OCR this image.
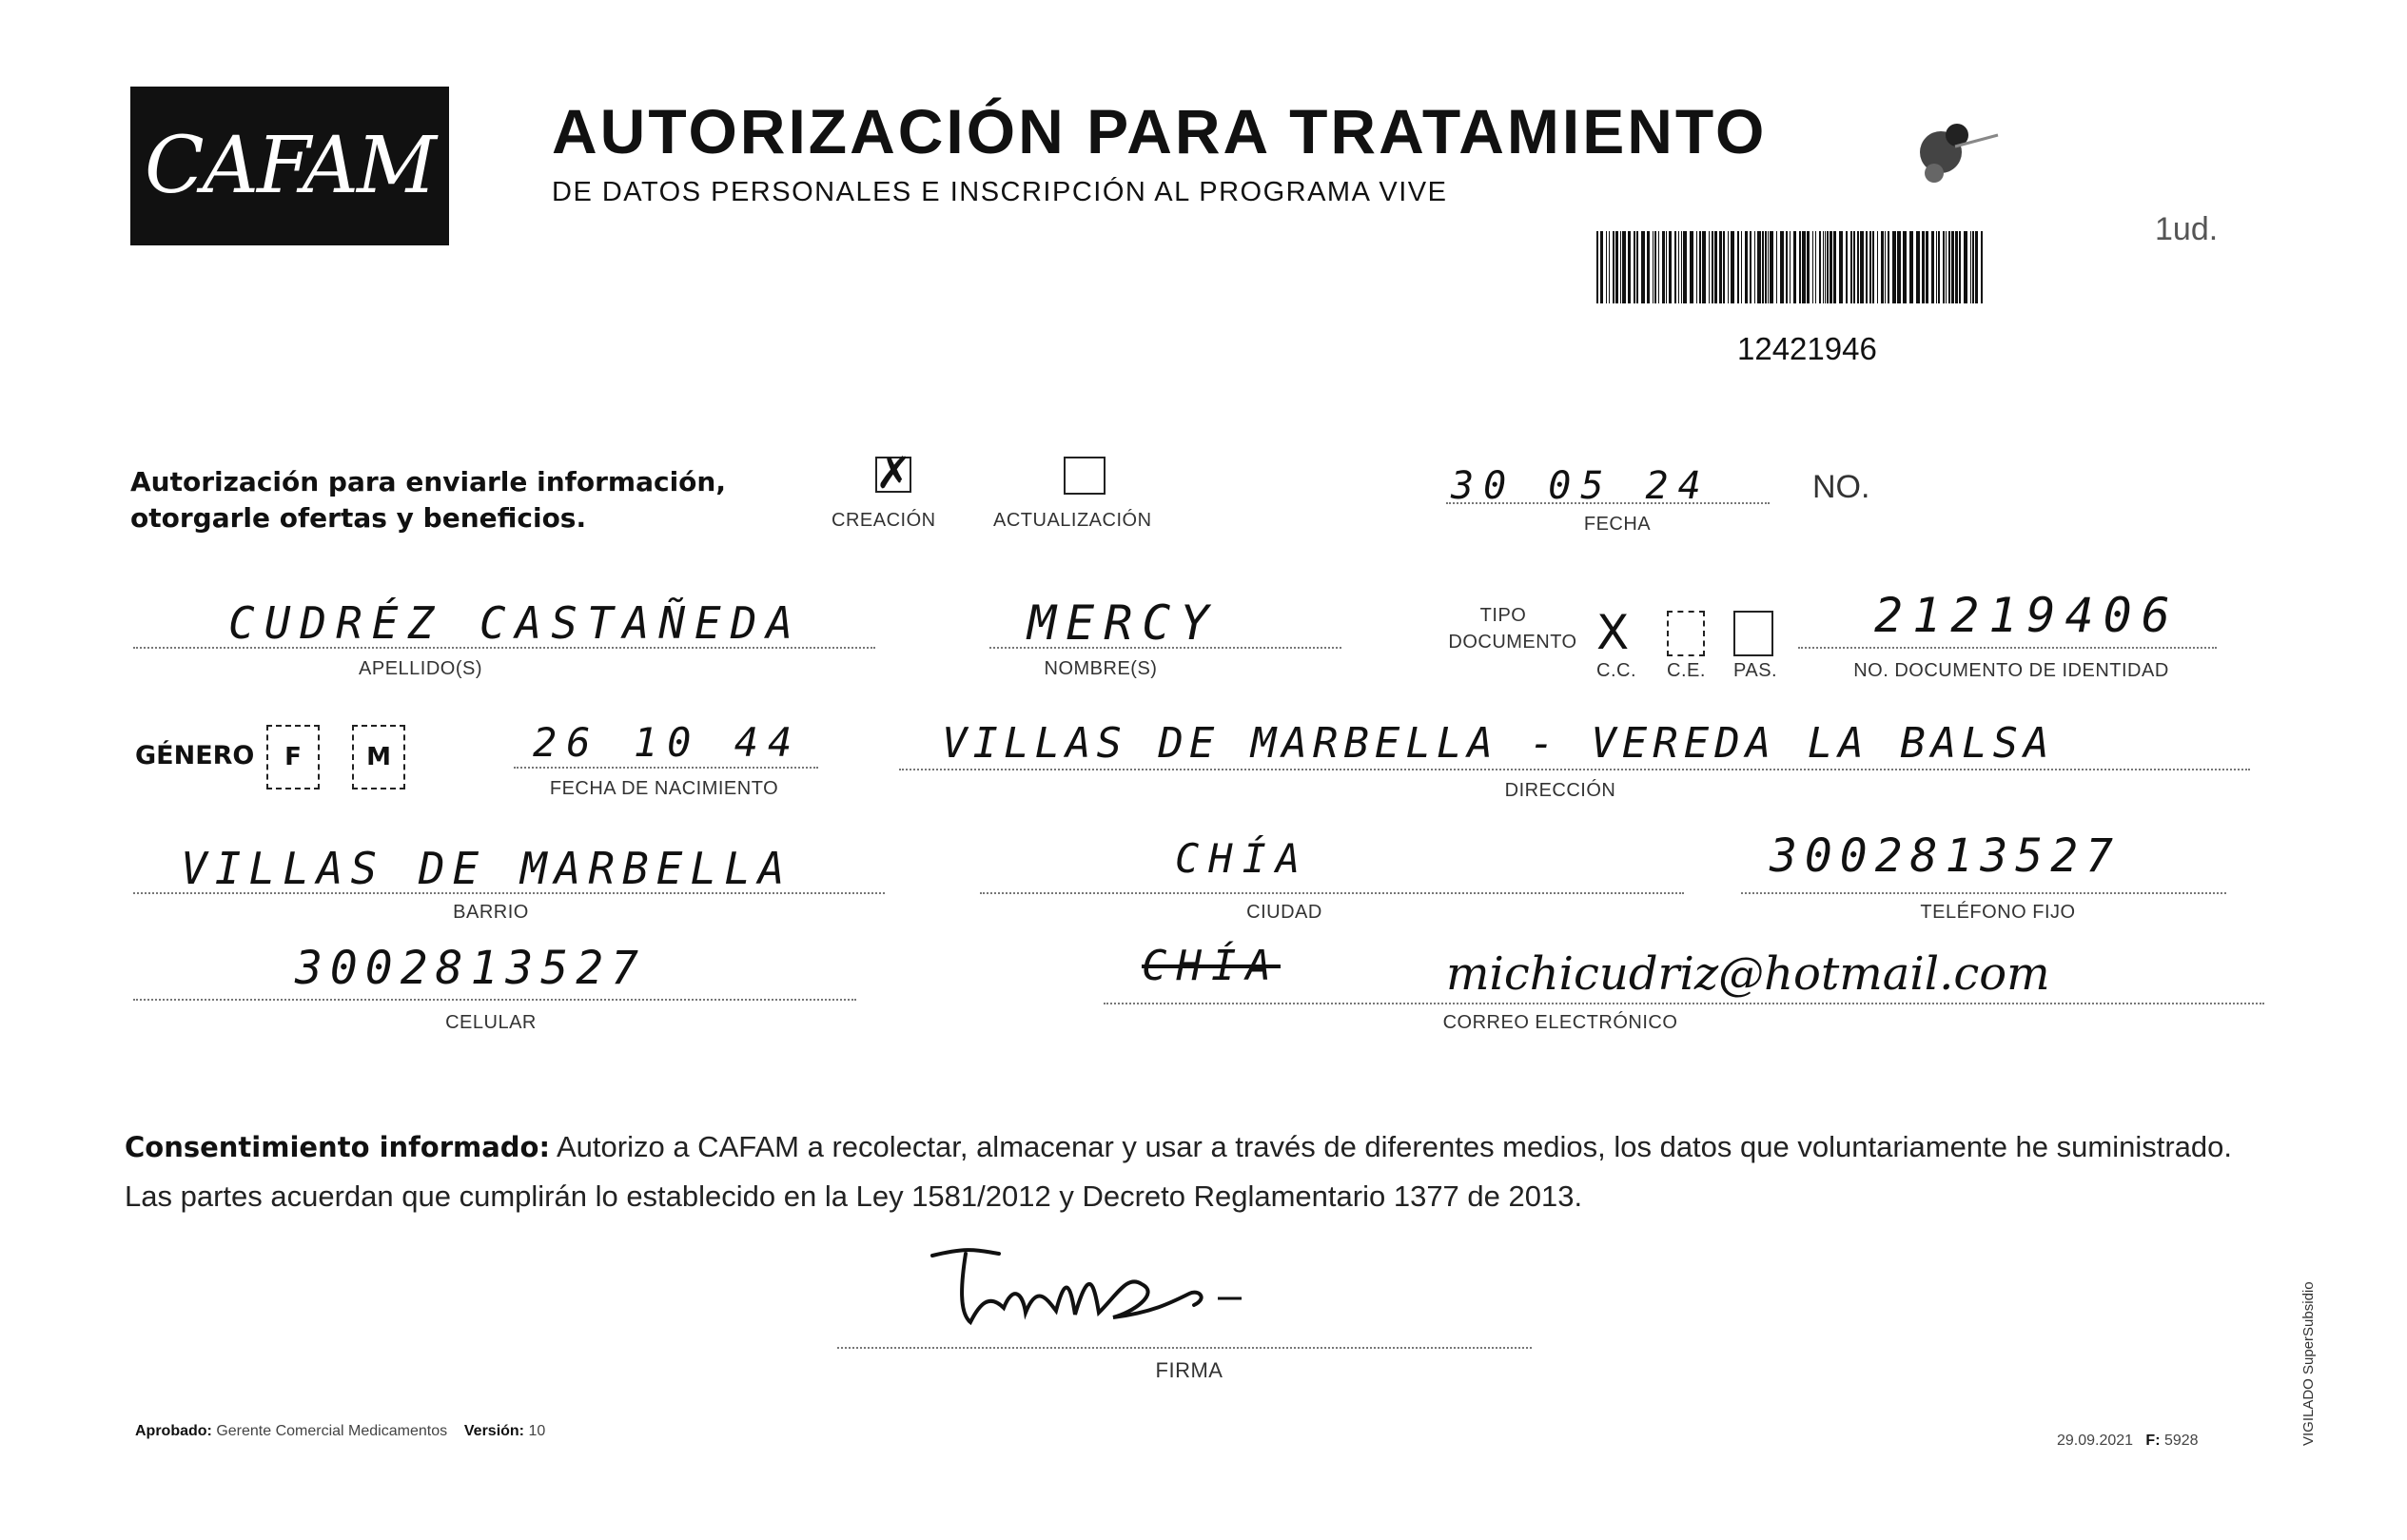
CAFAM AUTORIZACIÓN PARA TRATAMIENTO
DE DATOS PERSONALES E INSCRIPCIÓN AL PROGRAMA VIVE
1ud.
12421946
Autorización para enviarle información,
otorgarle ofertas y beneficios.
✗
CREACIÓN	ACTUALIZACIÓN
30 05 24
FECHA
NO.
CUDRÉZ CASTAÑEDA
APELLIDO(S)
MERCY
NOMBRE(S)
TIPO
DOCUMENTO X
C.C. C.E. PAS.
21219406
NO. DOCUMENTO DE IDENTIDAD
GÉNERO F	M	26 10 44
FECHA DE NACIMIENTO
VILLAS DE MARBELLA - VEREDA LA BALSA
DIRECCIÓN
VILLAS DE MARBELLA
BARRIO
CHÍA
CIUDAD
3002813527
TELÉFONO FIJO
3002813527
CELULAR
CHÍA	michicudriz@hotmail.com
CORREO ELECTRÓNICO
Consentimiento informado: Autorizo a CAFAM a recolectar, almacenar y usar a través de diferentes medios, los datos que voluntariamente he suministrado.
Las partes acuerdan que cumplirán lo establecido en la Ley 1581/2012 y Decreto Reglamentario 1377 de 2013.
FIRMA
Aprobado: Gerente Comercial Medicamentos Versión: 10
29.09.2021 F: 5928	VIGILADO SuperSubsidio
